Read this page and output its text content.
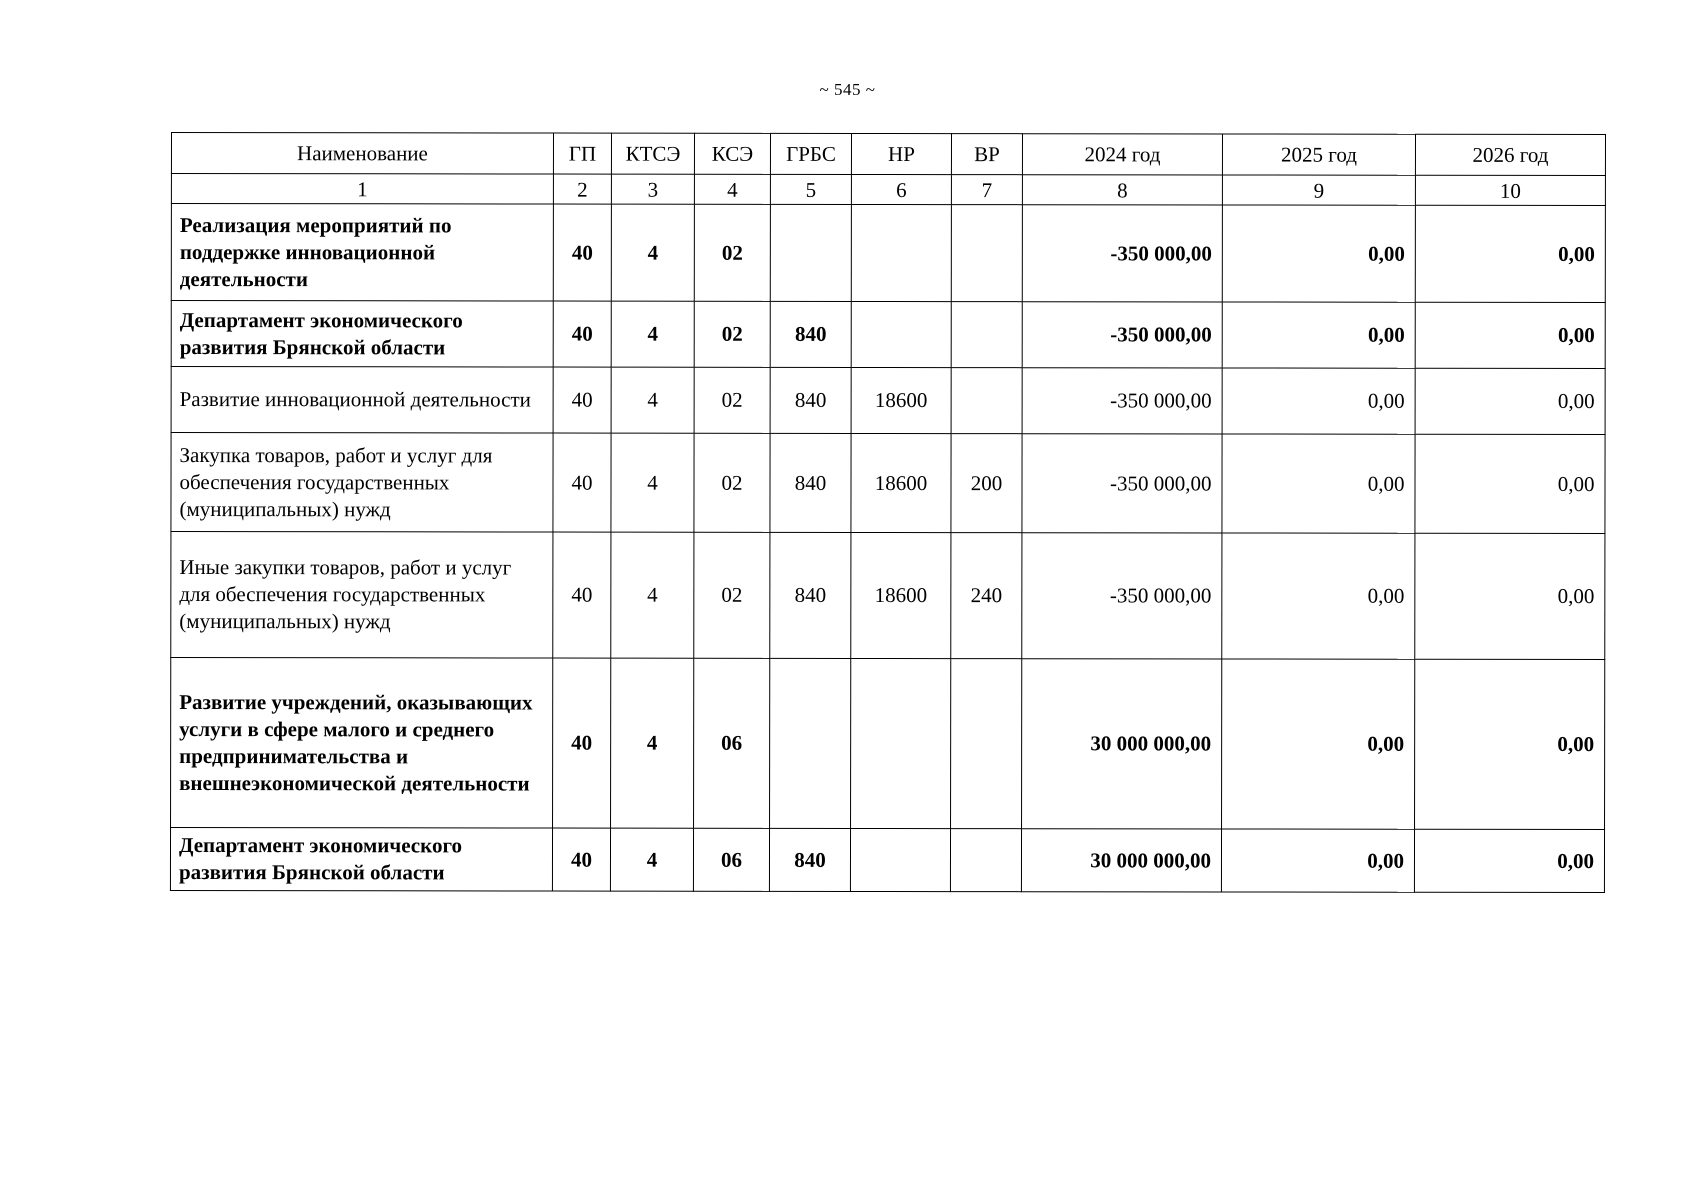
~ 545 ~
Наименование	ГП	КТСЭ	КСЭ	ГРБС	НР	ВР	2024 год	2025 год	2026 год
1	2	3	4	5	6	7	8	9	10
Реализация мероприятий по поддержке инновационной деятельности	40	4	02				-350 000,00	0,00	0,00
Департамент экономического развития Брянской области	40	4	02	840			-350 000,00	0,00	0,00
Развитие инновационной деятельности	40	4	02	840	18600		-350 000,00	0,00	0,00
Закупка товаров, работ и услуг для обеспечения государственных (муниципальных) нужд	40	4	02	840	18600	200	-350 000,00	0,00	0,00
Иные закупки товаров, работ и услуг для обеспечения государственных (муниципальных) нужд	40	4	02	840	18600	240	-350 000,00	0,00	0,00
Развитие учреждений, оказывающих услуги в сфере малого и среднего предпринимательства и внешнеэкономической деятельности	40	4	06				30 000 000,00	0,00	0,00
Департамент экономического развития Брянской области	40	4	06	840			30 000 000,00	0,00	0,00
